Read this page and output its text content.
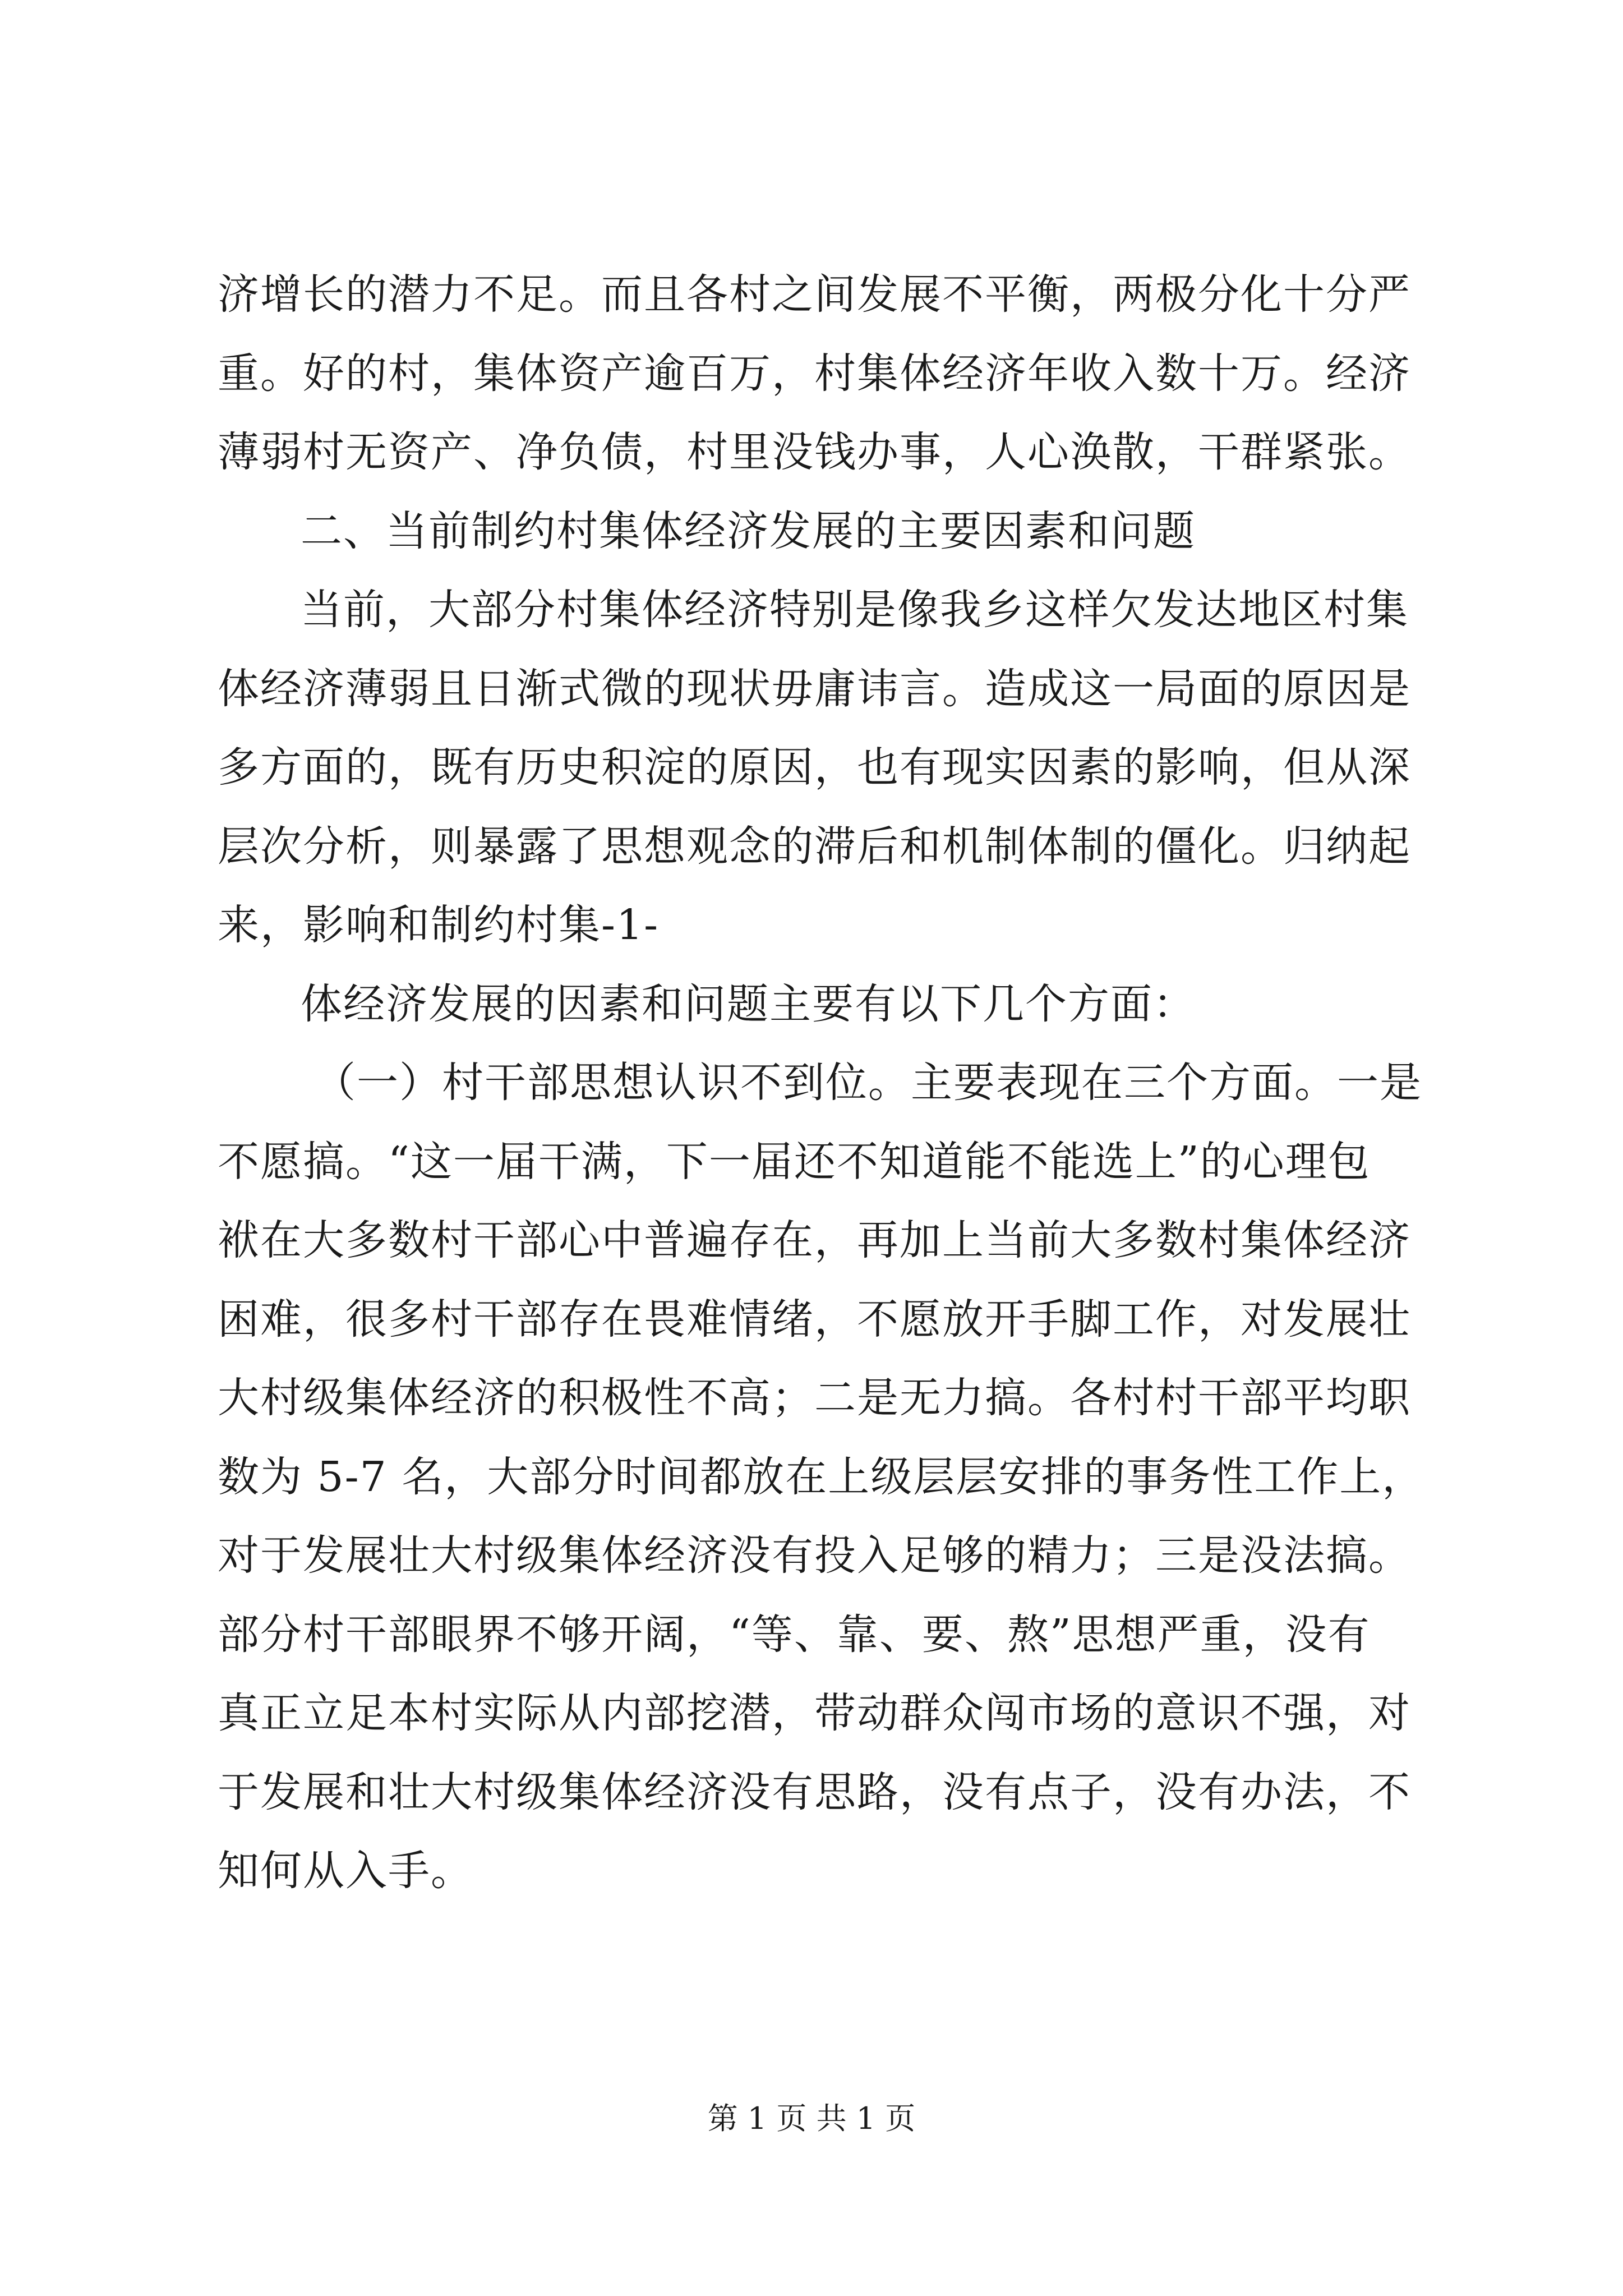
济增长的潜力不足。而且各村之间发展不平衡，两极分化十分严
重。好的村，集体资产逾百万，村集体经济年收入数十万。经济
薄弱村无资产、净负债，村里没钱办事，人心涣散，干群紧张。
二、当前制约村集体经济发展的主要因素和问题
当前，大部分村集体经济特别是像我乡这样欠发达地区村集
体经济薄弱且日渐式微的现状毋庸讳言。造成这一局面的原因是
多方面的，既有历史积淀的原因，也有现实因素的影响，但从深
层次分析，则暴露了思想观念的滞后和机制体制的僵化。归纳起
来，影响和制约村集-1-
体经济发展的因素和问题主要有以下几个方面：
（一）村干部思想认识不到位。主要表现在三个方面。一是
不愿搞。“这一届干满，下一届还不知道能不能选上”的心理包
袱在大多数村干部心中普遍存在，再加上当前大多数村集体经济
困难，很多村干部存在畏难情绪，不愿放开手脚工作，对发展壮
大村级集体经济的积极性不高；二是无力搞。各村村干部平均职
数为 5-7 名，大部分时间都放在上级层层安排的事务性工作上，
对于发展壮大村级集体经济没有投入足够的精力；三是没法搞。
部分村干部眼界不够开阔，“等、靠、要、熬”思想严重，没有
真正立足本村实际从内部挖潜，带动群众闯市场的意识不强，对
于发展和壮大村级集体经济没有思路，没有点子，没有办法，不
知何从入手。
第 1 页 共 1 页
